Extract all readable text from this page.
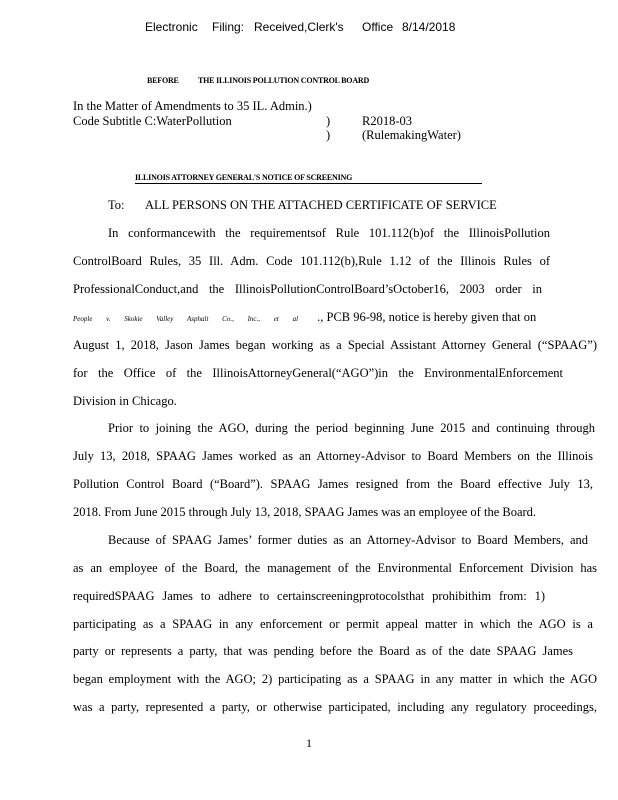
Electronic Filing: Received,Clerk's Office 8/14/2018
BEFORE THE ILLINOIS POLLUTION CONTROL BOARD
In the Matter of Amendments to 35 IL. Admin.)
Code Subtitle C:WaterPollution	)
)
R2018-03
(RulemakingWater)
ILLINOIS ATTORNEY GENERAL'S NOTICE OF SCREENING
To: ALL PERSONS ON THE ATTACHED CERTIFICATE OF SERVICE
In conformancewith the requirementsof Rule 101.112(b)of the IllinoisPollution
ControlBoard Rules, 35 Ill. Adm. Code 101.112(b),Rule 1.12 of the Illinois Rules of
ProfessionalConduct,and the IllinoisPollutionControlBoard’sOctober16, 2003 order in
People v. Skokie Valley Asphalt Co., Inc., et al ., PCB 96-98, notice is hereby given that on
August 1, 2018, Jason James began working as a Special Assistant Attorney General (“SPAAG”)
for the Office of the IllinoisAttorneyGeneral(“AGO”)in the EnvironmentalEnforcement
Division in Chicago.
Prior to joining the AGO, during the period beginning June 2015 and continuing through
July 13, 2018, SPAAG James worked as an Attorney-Advisor to Board Members on the Illinois
Pollution Control Board (“Board”). SPAAG James resigned from the Board effective July 13,
2018. From June 2015 through July 13, 2018, SPAAG James was an employee of the Board.
Because of SPAAG James’ former duties as an Attorney-Advisor to Board Members, and
as an employee of the Board, the management of the Environmental Enforcement Division has
requiredSPAAG James to adhere to certainscreeningprotocolsthat prohibithim from: 1)
participating as a SPAAG in any enforcement or permit appeal matter in which the AGO is a
party or represents a party, that was pending before the Board as of the date SPAAG James
began employment with the AGO; 2) participating as a SPAAG in any matter in which the AGO
was a party, represented a party, or otherwise participated, including any regulatory proceedings,
1
